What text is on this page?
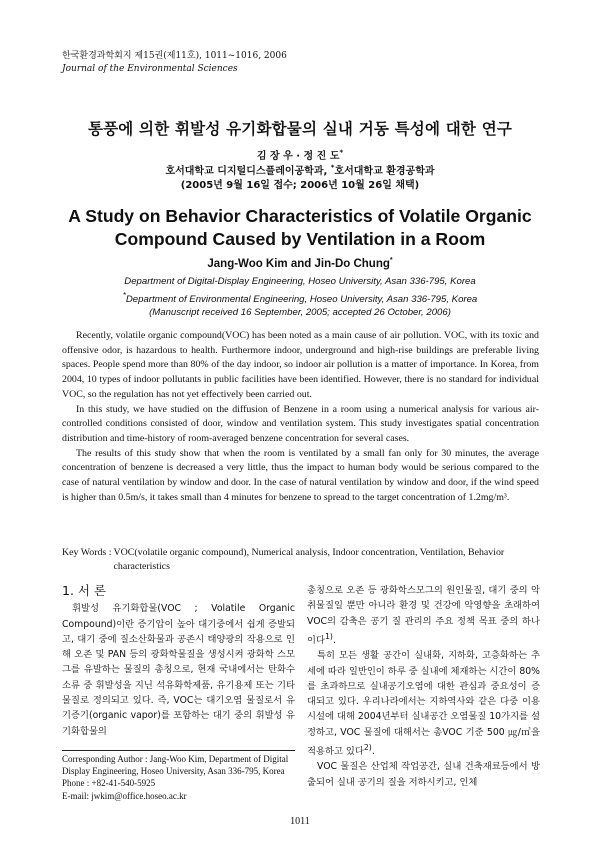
한국환경과학회지 제15권(제11호), 1011~1016, 2006
Journal of the Environmental Sciences
통풍에 의한 휘발성 유기화합물의 실내 거동 특성에 대한 연구
김 장 우 · 정 진 도*
호서대학교 디지털디스플레이공학과, *호서대학교 환경공학과
(2005년 9월 16일 접수; 2006년 10월 26일 채택)
A Study on Behavior Characteristics of Volatile Organic
Compound Caused by Ventilation in a Room
Jang-Woo Kim and Jin-Do Chung*
Department of Digital-Display Engineering, Hoseo University, Asan 336-795, Korea
*Department of Environmental Engineering, Hoseo University, Asan 336-795, Korea
(Manuscript received 16 September, 2005; accepted 26 October, 2006)

Recently, volatile organic compound(VOC) has been noted as a main cause of air pollution. VOC, with its toxic and offensive odor, is hazardous to health. Furthermore indoor, underground and high-rise buildings are preferable living spaces. People spend more than 80% of the day indoor, so indoor air pollution is a matter of importance. In Korea, from 2004, 10 types of indoor pollutants in public facilities have been identified. However, there is no standard for individual VOC, so the regulation has not yet effectively been carried out.

In this study, we have studied on the diffusion of Benzene in a room using a numerical analysis for various air-controlled conditions consisted of door, window and ventilation system. This study investigates spatial concentration distribution and time-history of room-averaged benzene concentration for several cases.

The results of this study show that when the room is ventilated by a small fan only for 30 minutes, the average concentration of benzene is decreased a very little, thus the impact to human body would be serious compared to the case of natural ventilation by window and door. In the case of natural ventilation by window and door, if the wind speed is higher than 0.5m/s, it takes small than 4 minutes for benzene to spread to the target concentration of 1.2mg/m³.

Key Words : VOC(volatile organic compound), Numerical analysis, Indoor concentration, Ventilation, Behavior characteristics
1. 서 론

휘발성 유기화합물(VOC ; Volatile Organic Compound)이란 증기압이 높아 대기중에서 쉽게 증발되고, 대기 중에 질소산화물과 공존시 태양광의 작용으로 인해 오존 및 PAN 등의 광화학물질을 생성시켜 광화학 스모그를 유발하는 물질의 총칭으로, 현재 국내에서는 탄화수소류 중 휘발성을 지닌 석유화학제품, 유기용제 또는 기타물질로 정의되고 있다. 즉, VOC는 대기오염 물질로서 유기증기(organic vapor)를 포함하는 대기 중의 휘발성 유기화합물의

Corresponding Author : Jang-Woo Kim, Department of Digital
Display Engineering, Hoseo University, Asan 336-795, Korea
Phone : +82-41-540-5925
E-mail: jwkim@office.hoseo.ac.kr

총칭으로 오존 등 광화학스모그의 원인물질, 대기 중의 악취물질일 뿐만 아니라 환경 및 건강에 악영향을 초래하여 VOC의 감축은 공기 질 관리의 주요 정책 목표 중의 하나이다$^{1)}$.

특히 모든 생활 공간이 실내화, 지하화, 고층화하는 추세에 따라 일반인이 하루 중 실내에 체재하는 시간이 80%를 초과하므로 실내공기오염에 대한 관심과 중요성이 증대되고 있다. 우리나라에서는 지하역사와 같은 다중 이용시설에 대해 2004년부터 실내공간 오염물질 10가지를 설정하고, VOC 물질에 대해서는 총VOC 기준 500 ㎍/㎥을 적용하고 있다$^{2)}$.

VOC 물질은 산업체 작업공간, 실내 건축재료등에서 방출되어 실내 공기의 질을 저하시키고, 인체

1011
